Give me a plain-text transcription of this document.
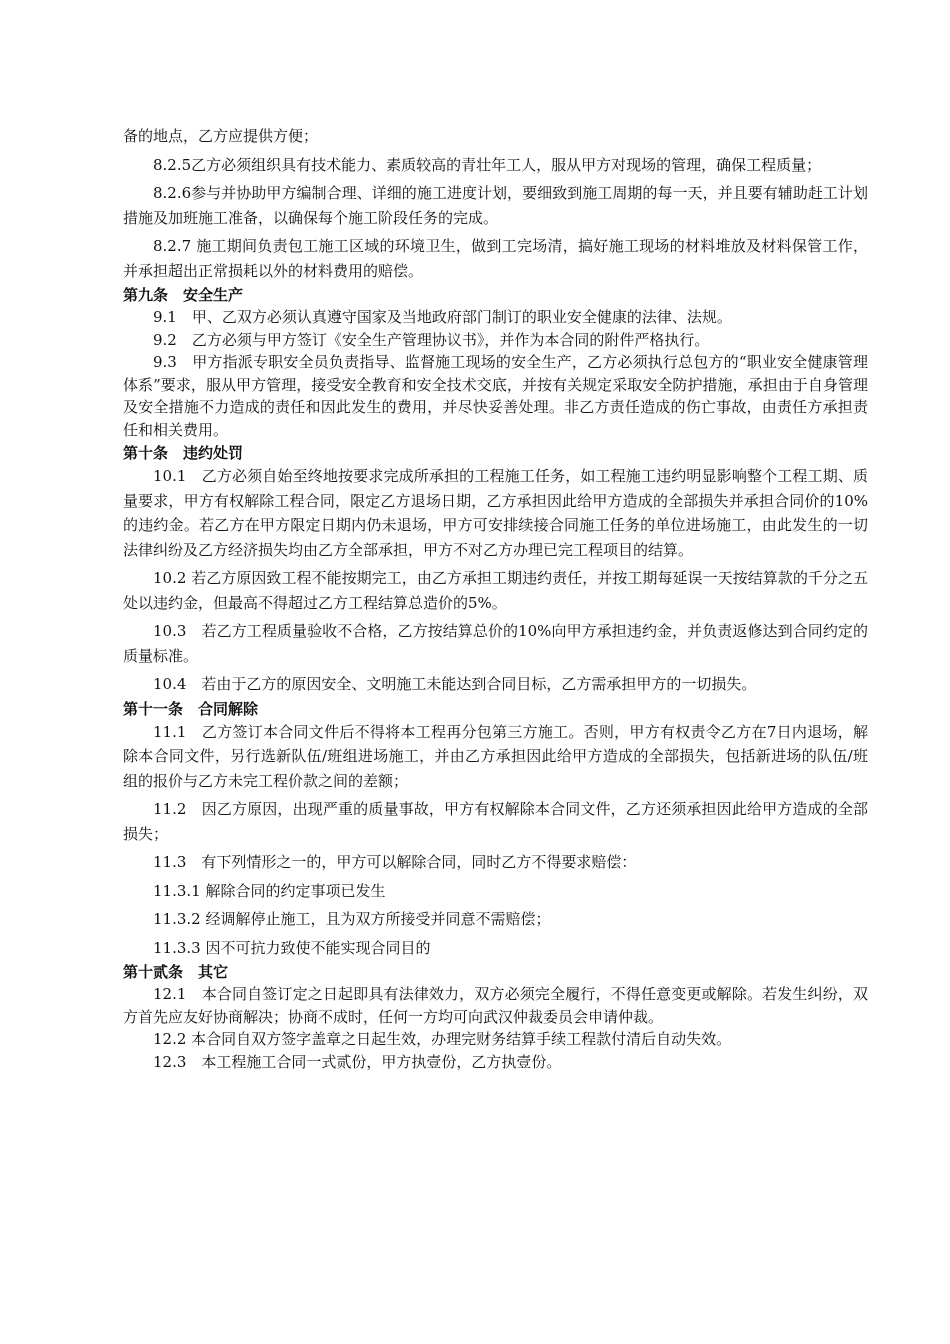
备的地点，乙方应提供方便；

8.2.5乙方必须组织具有技术能力、素质较高的青壮年工人，服从甲方对现场的管理，确保工程质量；

8.2.6参与并协助甲方编制合理、详细的施工进度计划，要细致到施工周期的每一天，并且要有辅助赶工计划措施及加班施工准备，以确保每个施工阶段任务的完成。

8.2.7 施工期间负责包工施工区域的环境卫生，做到工完场清，搞好施工现场的材料堆放及材料保管工作，并承担超出正常损耗以外的材料费用的赔偿。

第九条　安全生产

9.1　甲、乙双方必须认真遵守国家及当地政府部门制订的职业安全健康的法律、法规。

9.2　乙方必须与甲方签订《安全生产管理协议书》，并作为本合同的附件严格执行。

9.3　甲方指派专职安全员负责指导、监督施工现场的安全生产，乙方必须执行总包方的“职业安全健康管理体系”要求，服从甲方管理，接受安全教育和安全技术交底，并按有关规定采取安全防护措施，承担由于自身管理及安全措施不力造成的责任和因此发生的费用，并尽快妥善处理。非乙方责任造成的伤亡事故，由责任方承担责任和相关费用。

第十条　违约处罚

10.1　乙方必须自始至终地按要求完成所承担的工程施工任务，如工程施工违约明显影响整个工程工期、质量要求，甲方有权解除工程合同，限定乙方退场日期，乙方承担因此给甲方造成的全部损失并承担合同价的10%的违约金。若乙方在甲方限定日期内仍未退场，甲方可安排续接合同施工任务的单位进场施工，由此发生的一切法律纠纷及乙方经济损失均由乙方全部承担，甲方不对乙方办理已完工程项目的结算。

10.2 若乙方原因致工程不能按期完工，由乙方承担工期违约责任，并按工期每延误一天按结算款的千分之五处以违约金，但最高不得超过乙方工程结算总造价的5%。

10.3　若乙方工程质量验收不合格，乙方按结算总价的10%向甲方承担违约金，并负责返修达到合同约定的质量标准。

10.4　若由于乙方的原因安全、文明施工未能达到合同目标，乙方需承担甲方的一切损失。

第十一条　合同解除

11.1　乙方签订本合同文件后不得将本工程再分包第三方施工。否则，甲方有权责令乙方在7日内退场，解除本合同文件，另行选新队伍/班组进场施工，并由乙方承担因此给甲方造成的全部损失，包括新进场的队伍/班组的报价与乙方未完工程价款之间的差额；

11.2　因乙方原因，出现严重的质量事故，甲方有权解除本合同文件，乙方还须承担因此给甲方造成的全部损失；

11.3　有下列情形之一的，甲方可以解除合同，同时乙方不得要求赔偿：

11.3.1 解除合同的约定事项已发生

11.3.2 经调解停止施工，且为双方所接受并同意不需赔偿；

11.3.3 因不可抗力致使不能实现合同目的

第十贰条　其它

12.1　本合同自签订定之日起即具有法律效力，双方必须完全履行，不得任意变更或解除。若发生纠纷，双方首先应友好协商解决；协商不成时，任何一方均可向武汉仲裁委员会申请仲裁。

12.2 本合同自双方签字盖章之日起生效，办理完财务结算手续工程款付清后自动失效。

12.3　本工程施工合同一式贰份，甲方执壹份，乙方执壹份。
